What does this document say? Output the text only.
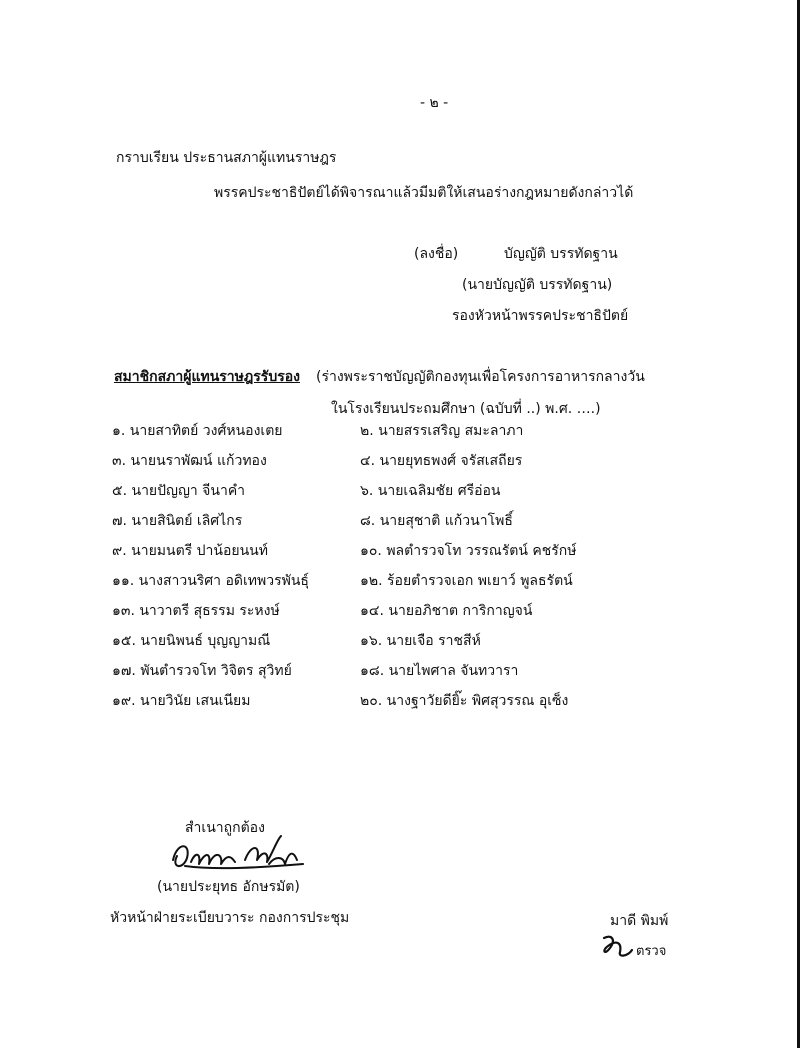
- ๒ -
กราบเรียน ประธานสภาผู้แทนราษฎร
พรรคประชาธิปัตย์ได้พิจารณาแล้วมีมติให้เสนอร่างกฎหมายดังกล่าวได้
(ลงชื่อ)	บัญญัติ บรรทัดฐาน
(นายบัญญัติ บรรทัดฐาน)
รองหัวหน้าพรรคประชาธิปัตย์
สมาชิกสภาผู้แทนราษฎรรับรอง (ร่างพระราชบัญญัติกองทุนเพื่อโครงการอาหารกลางวัน
ในโรงเรียนประถมศึกษา (ฉบับที่ ..) พ.ศ. ….)
๑. นายสาทิตย์ วงศ์หนองเตย	๒. นายสรรเสริญ สมะลาภา
๓. นายนราพัฒน์ แก้วทอง	๔. นายยุทธพงศ์ จรัสเสถียร
๕. นายปัญญา จีนาคำ	๖. นายเฉลิมชัย ศรีอ่อน
๗. นายสินิตย์ เลิศไกร	๘. นายสุชาติ แก้วนาโพธิ์
๙. นายมนตรี ปาน้อยนนท์	๑๐. พลตำรวจโท วรรณรัตน์ คชรักษ์
๑๑. นางสาวนริศา อดิเทพวรพันธุ์	๑๒. ร้อยตำรวจเอก พเยาว์ พูลธรัตน์
๑๓. นาวาตรี สุธรรม ระหงษ์	๑๔. นายอภิชาต การิกาญจน์
๑๕. นายนิพนธ์ บุญญามณี	๑๖. นายเจือ ราชสีห์
๑๗. พันตำรวจโท วิจิตร สุวิทย์	๑๘. นายไพศาล จันทวารา
๑๙. นายวินัย เสนเนียม	๒๐. นางฐาวัยดียิ๊ะ พิศสุวรรณ อุเซ็ง
สำเนาถูกต้อง
(นายประยุทธ อักษรมัต)
หัวหน้าฝ่ายระเบียบวาระ กองการประชุม	มาดี พิมพ์
ตรวจ
